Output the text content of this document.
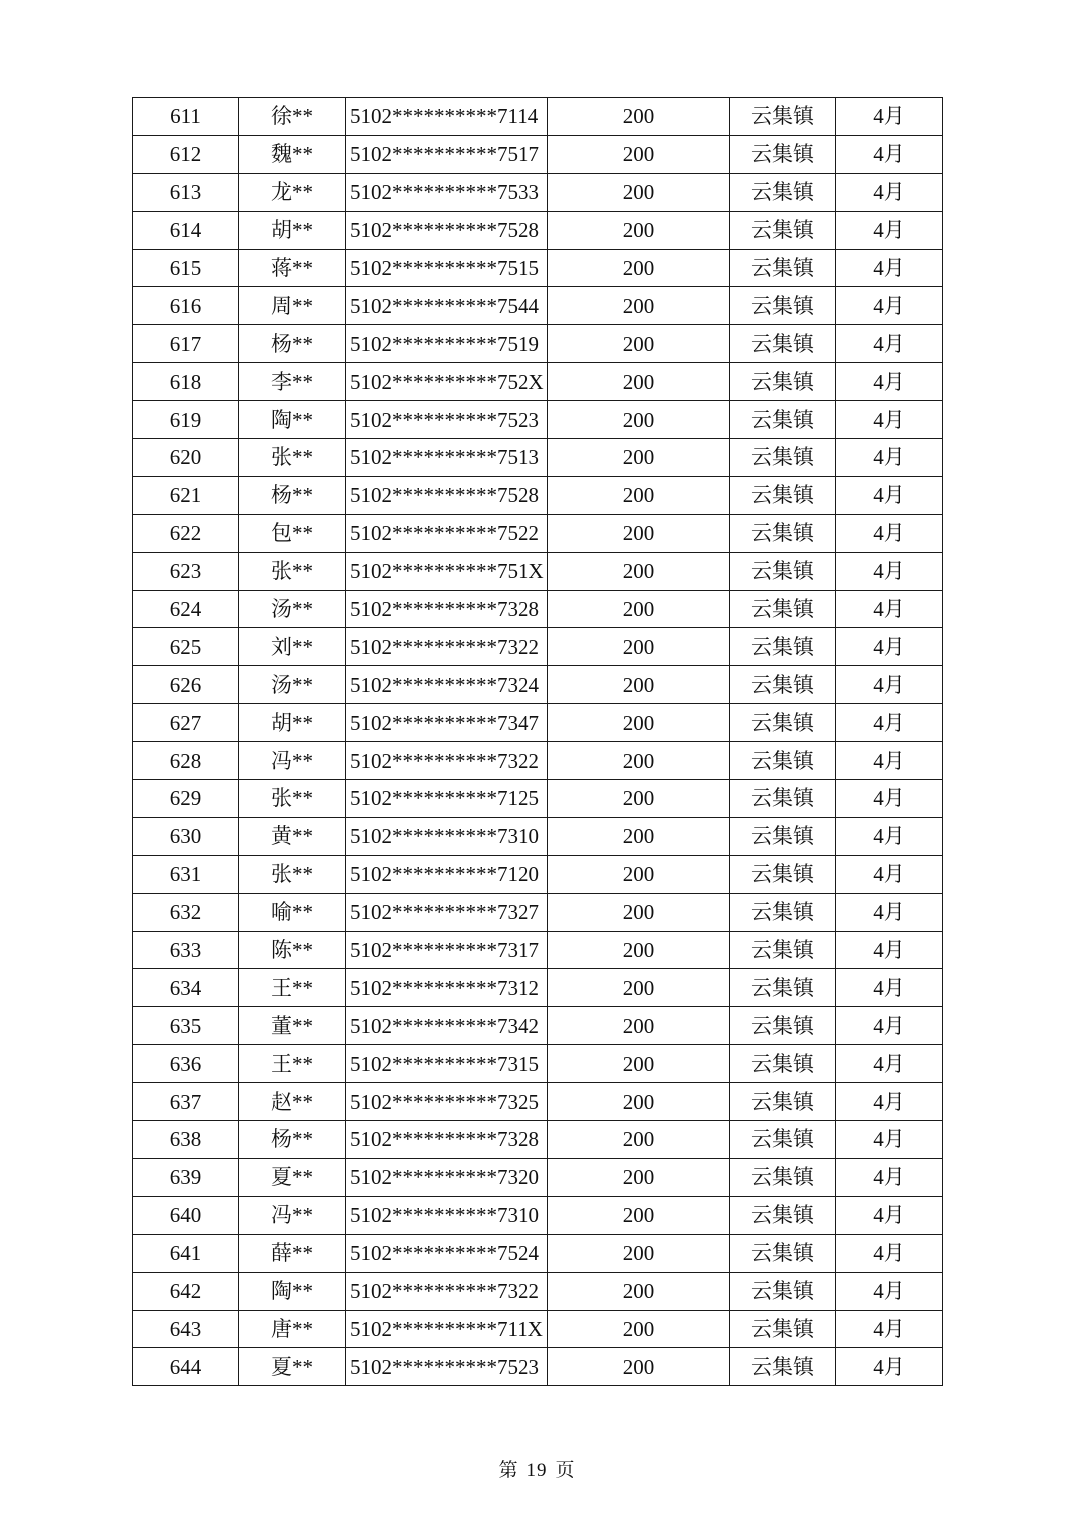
611	徐**	5102**********7114	200	云集镇	4月
612	魏**	5102**********7517	200	云集镇	4月
613	龙**	5102**********7533	200	云集镇	4月
614	胡**	5102**********7528	200	云集镇	4月
615	蒋**	5102**********7515	200	云集镇	4月
616	周**	5102**********7544	200	云集镇	4月
617	杨**	5102**********7519	200	云集镇	4月
618	李**	5102**********752X	200	云集镇	4月
619	陶**	5102**********7523	200	云集镇	4月
620	张**	5102**********7513	200	云集镇	4月
621	杨**	5102**********7528	200	云集镇	4月
622	包**	5102**********7522	200	云集镇	4月
623	张**	5102**********751X	200	云集镇	4月
624	汤**	5102**********7328	200	云集镇	4月
625	刘**	5102**********7322	200	云集镇	4月
626	汤**	5102**********7324	200	云集镇	4月
627	胡**	5102**********7347	200	云集镇	4月
628	冯**	5102**********7322	200	云集镇	4月
629	张**	5102**********7125	200	云集镇	4月
630	黄**	5102**********7310	200	云集镇	4月
631	张**	5102**********7120	200	云集镇	4月
632	喻**	5102**********7327	200	云集镇	4月
633	陈**	5102**********7317	200	云集镇	4月
634	王**	5102**********7312	200	云集镇	4月
635	董**	5102**********7342	200	云集镇	4月
636	王**	5102**********7315	200	云集镇	4月
637	赵**	5102**********7325	200	云集镇	4月
638	杨**	5102**********7328	200	云集镇	4月
639	夏**	5102**********7320	200	云集镇	4月
640	冯**	5102**********7310	200	云集镇	4月
641	薛**	5102**********7524	200	云集镇	4月
642	陶**	5102**********7322	200	云集镇	4月
643	唐**	5102**********711X	200	云集镇	4月
644	夏**	5102**********7523	200	云集镇	4月
第 19 页
